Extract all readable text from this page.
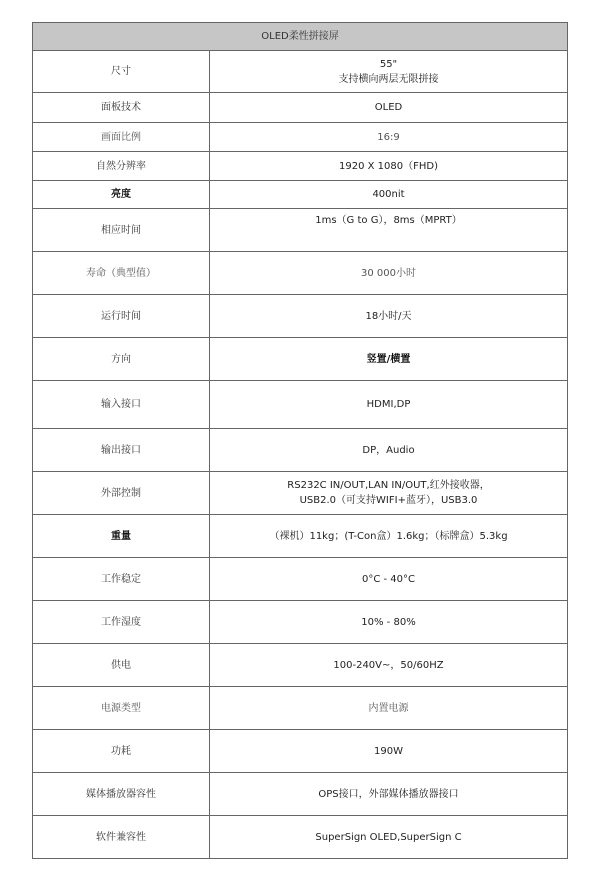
OLED柔性拼接屏	
尺寸	55"
支持横向两层无限拼接

面板技术	OLED
画面比例	16:9
自然分辨率	1920 X 1080（FHD)
亮度	400nit
相应时间	1ms（G to G），8ms（MPRT）
寿命（典型值）	30 000小时
运行时间	18小时/天
方向	竖置/横置
输入接口	HDMI,DP
输出接口	DP，Audio
外部控制	RS232C IN/OUT,LAN IN/OUT,红外接收器，
USB2.0（可支持WIFI+蓝牙），USB3.0

重量	（裸机）11kg；(T-Con盒）1.6kg；（标牌盒）5.3kg
工作稳定	0°C - 40°C
工作湿度	10% - 80%
供电	100-240V~，50/60HZ
电源类型	内置电源
功耗	190W
媒体播放器容性	OPS接口，外部媒体播放器接口
软件兼容性	SuperSign OLED,SuperSign C
